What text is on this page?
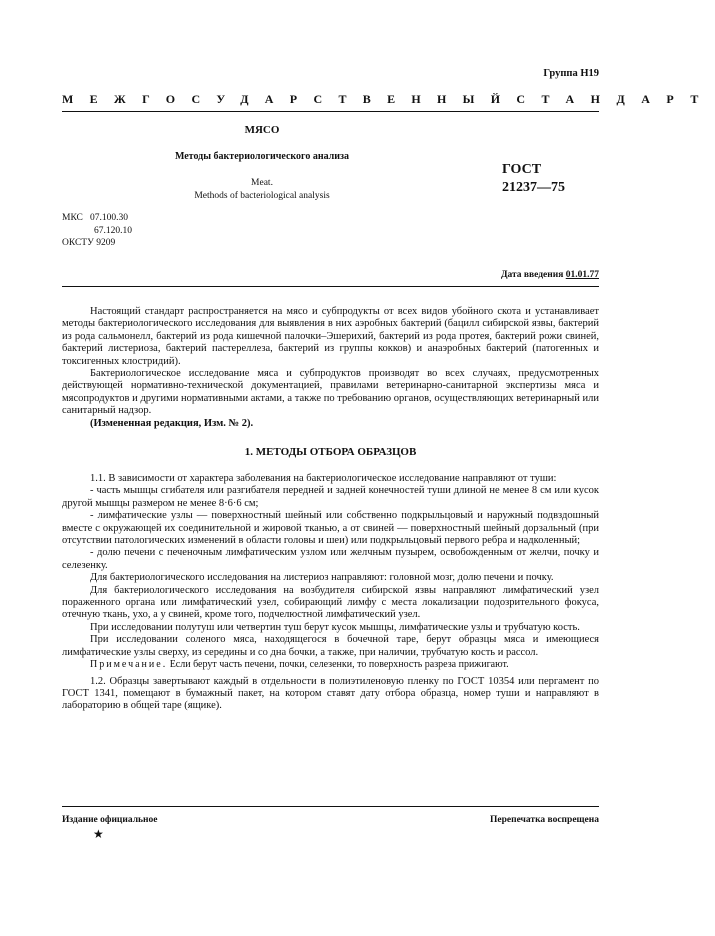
Группа Н19
МЕЖГОСУДАРСТВЕННЫЙ СТАНДАРТ
МЯСО
Методы бактериологического анализа
Meat.
Methods of bacteriological analysis
ГОСТ
21237—75
МКС 07.100.30
67.120.10
ОКСТУ 9209
Дата введения 01.01.77

Настоящий стандарт распространяется на мясо и субпродукты от всех видов убойного скота и устанавливает методы бактериологического исследования для выявления в них аэробных бактерий (бацилл сибирской язвы, бактерий из рода сальмонелл, бактерий из рода кишечной палочки–Эшерихий, бактерий из рода протея, бактерий рожи свиней, бактерий листериоза, бактерий пастереллеза, бактерий из группы кокков) и анаэробных бактерий (патогенных и токсигенных клостридий).

Бактериологическое исследование мяса и субпродуктов производят во всех случаях, предусмотренных действующей нормативно-технической документацией, правилами ветеринарно-санитарной экспертизы мяса и мясопродуктов и другими нормативными актами, а также по требованию органов, осуществляющих ветеринарный или санитарный надзор.

(Измененная редакция, Изм. № 2).

1. МЕТОДЫ ОТБОРА ОБРАЗЦОВ

1.1. В зависимости от характера заболевания на бактериологическое исследование направляют от туши:

- часть мышцы сгибателя или разгибателя передней и задней конечностей туши длиной не менее 8 см или кусок другой мышцы размером не менее 8·6·6 см;

- лимфатические узлы — поверхностный шейный или собственно подкрыльцовый и наружный подвздошный вместе с окружающей их соединительной и жировой тканью, а от свиней — поверхностный шейный дорзальный (при отсутствии патологических изменений в области головы и шеи) или подкрыльцовый первого ребра и надколенный;

- долю печени с печеночным лимфатическим узлом или желчным пузырем, освобожденным от желчи, почку и селезенку.

Для бактериологического исследования на листериоз направляют: головной мозг, долю печени и почку.

Для бактериологического исследования на возбудителя сибирской язвы направляют лимфатический узел пораженного органа или лимфатический узел, собирающий лимфу с места локализации подозрительного фокуса, отечную ткань, ухо, а у свиней, кроме того, подчелюстной лимфатический узел.

При исследовании полутуш или четвертин туш берут кусок мышцы, лимфатические узлы и трубчатую кость.

При исследовании соленого мяса, находящегося в бочечной таре, берут образцы мяса и имеющиеся лимфатические узлы сверху, из середины и со дна бочки, а также, при наличии, трубчатую кость и рассол.

Примечание. Если берут часть печени, почки, селезенки, то поверхность разреза прижигают.

1.2. Образцы завертывают каждый в отдельности в полиэтиленовую пленку по ГОСТ 10354 или пергамент по ГОСТ 1341, помещают в бумажный пакет, на котором ставят дату отбора образца, номер туши и направляют в лабораторию в общей таре (ящике).

Издание официальное	Перепечатка воспрещена
★
